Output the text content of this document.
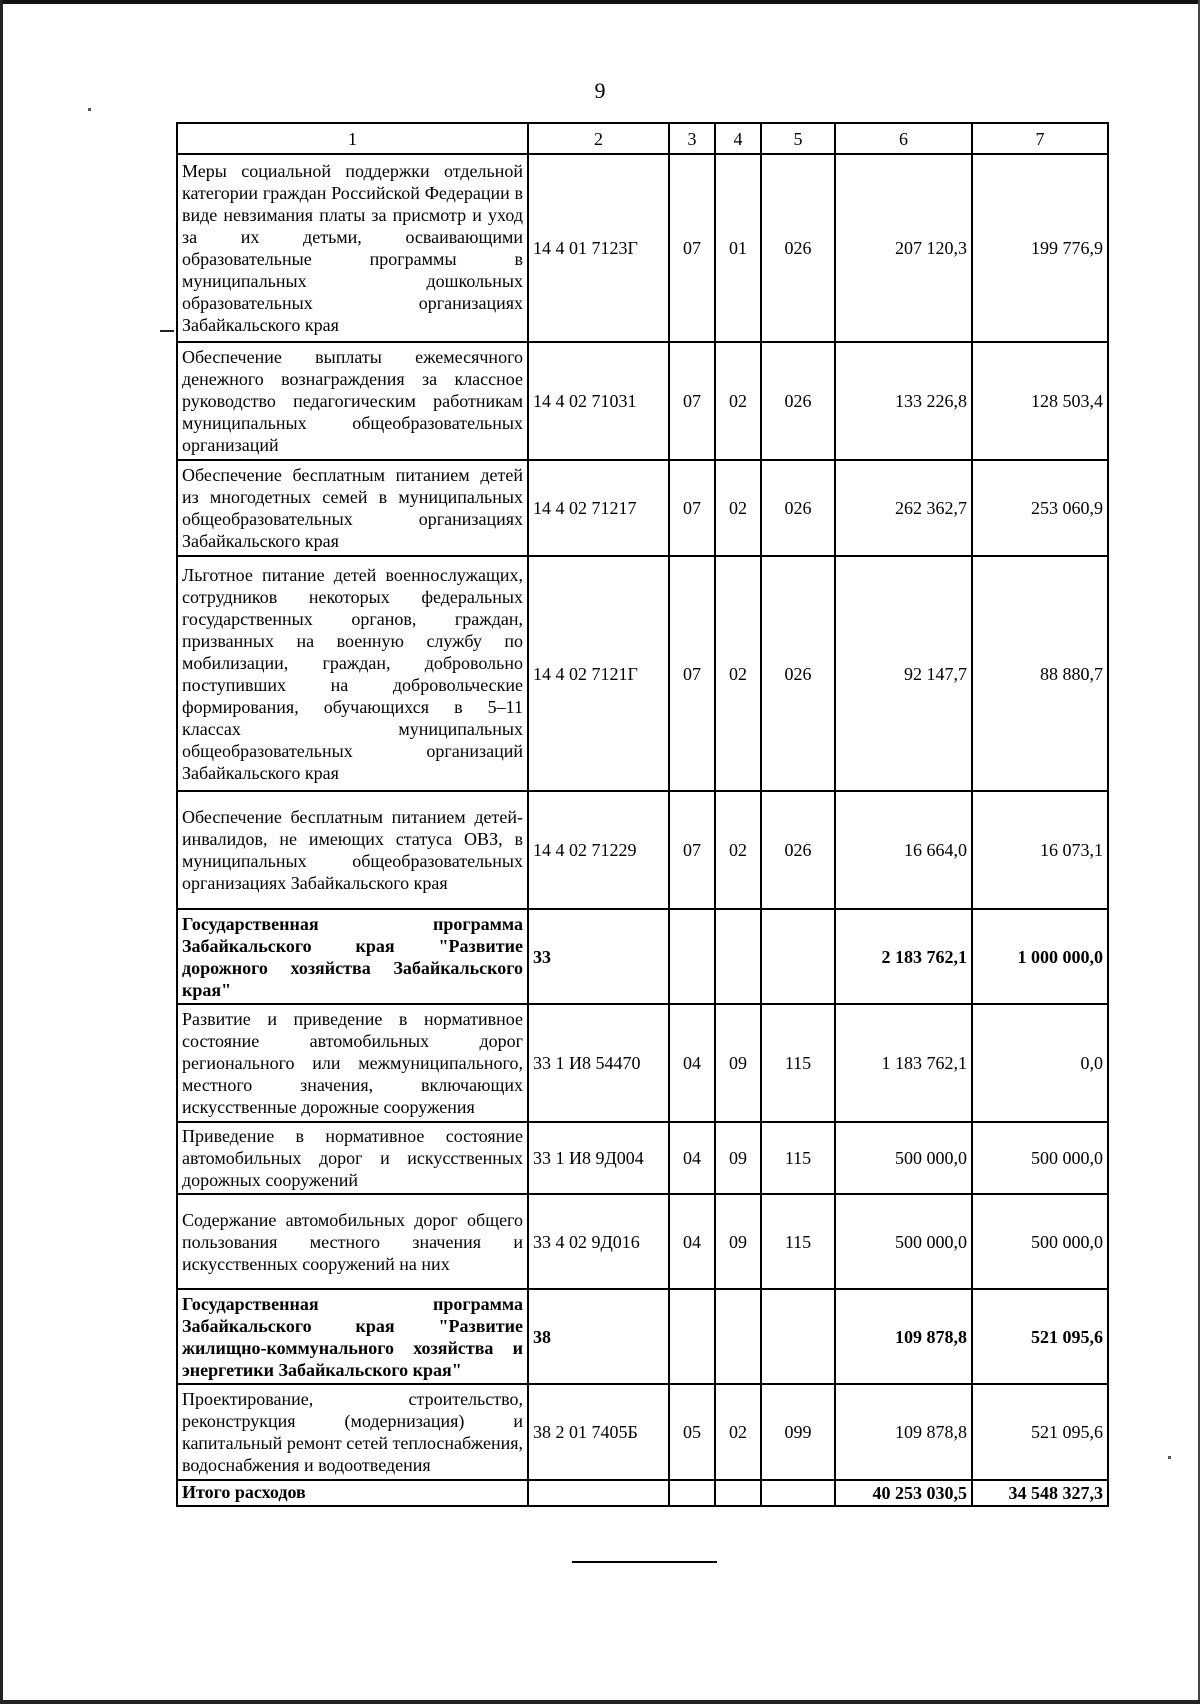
9
1	2	3	4	5	6	7
Меры социальной поддержки отдельной категории граждан Российской Федерации в виде невзимания платы за присмотр и уход за их детьми, осваивающими образовательные программы в муниципальных дошкольных образовательных организациях Забайкальского края	14 4 01 7123Г	07	01	026	207 120,3	199 776,9
Обеспечение выплаты ежемесячного денежного вознаграждения за классное руководство педагогическим работникам муниципальных общеобразовательных организаций	14 4 02 71031	07	02	026	133 226,8	128 503,4
Обеспечение бесплатным питанием детей из многодетных семей в муниципальных общеобразовательных организациях Забайкальского края	14 4 02 71217	07	02	026	262 362,7	253 060,9
Льготное питание детей военнослужащих, сотрудников некоторых федеральных государственных органов, граждан, призванных на военную службу по мобилизации, граждан, добровольно поступивших на добровольческие формирования, обучающихся в 5–11 классах муниципальных общеобразовательных организаций Забайкальского края	14 4 02 7121Г	07	02	026	92 147,7	88 880,7
Обеспечение бесплатным питанием детей-инвалидов, не имеющих статуса ОВЗ, в муниципальных общеобразовательных организациях Забайкальского края	14 4 02 71229	07	02	026	16 664,0	16 073,1
Государственная программа Забайкальского края "Развитие дорожного хозяйства Забайкальского края"	33				2 183 762,1	1 000 000,0
Развитие и приведение в нормативное состояние автомобильных дорог регионального или межмуниципального, местного значения, включающих искусственные дорожные сооружения	33 1 И8 54470	04	09	115	1 183 762,1	0,0
Приведение в нормативное состояние автомобильных дорог и искусственных дорожных сооружений	33 1 И8 9Д004	04	09	115	500 000,0	500 000,0
Содержание автомобильных дорог общего пользования местного значения и искусственных сооружений на них	33 4 02 9Д016	04	09	115	500 000,0	500 000,0
Государственная программа Забайкальского края "Развитие жилищно-коммунального хозяйства и энергетики Забайкальского края"	38				109 878,8	521 095,6
Проектирование, строительство, реконструкция (модернизация) и капитальный ремонт сетей теплоснабжения, водоснабжения и водоотведения	38 2 01 7405Б	05	02	099	109 878,8	521 095,6
Итого расходов					40 253 030,5	34 548 327,3
